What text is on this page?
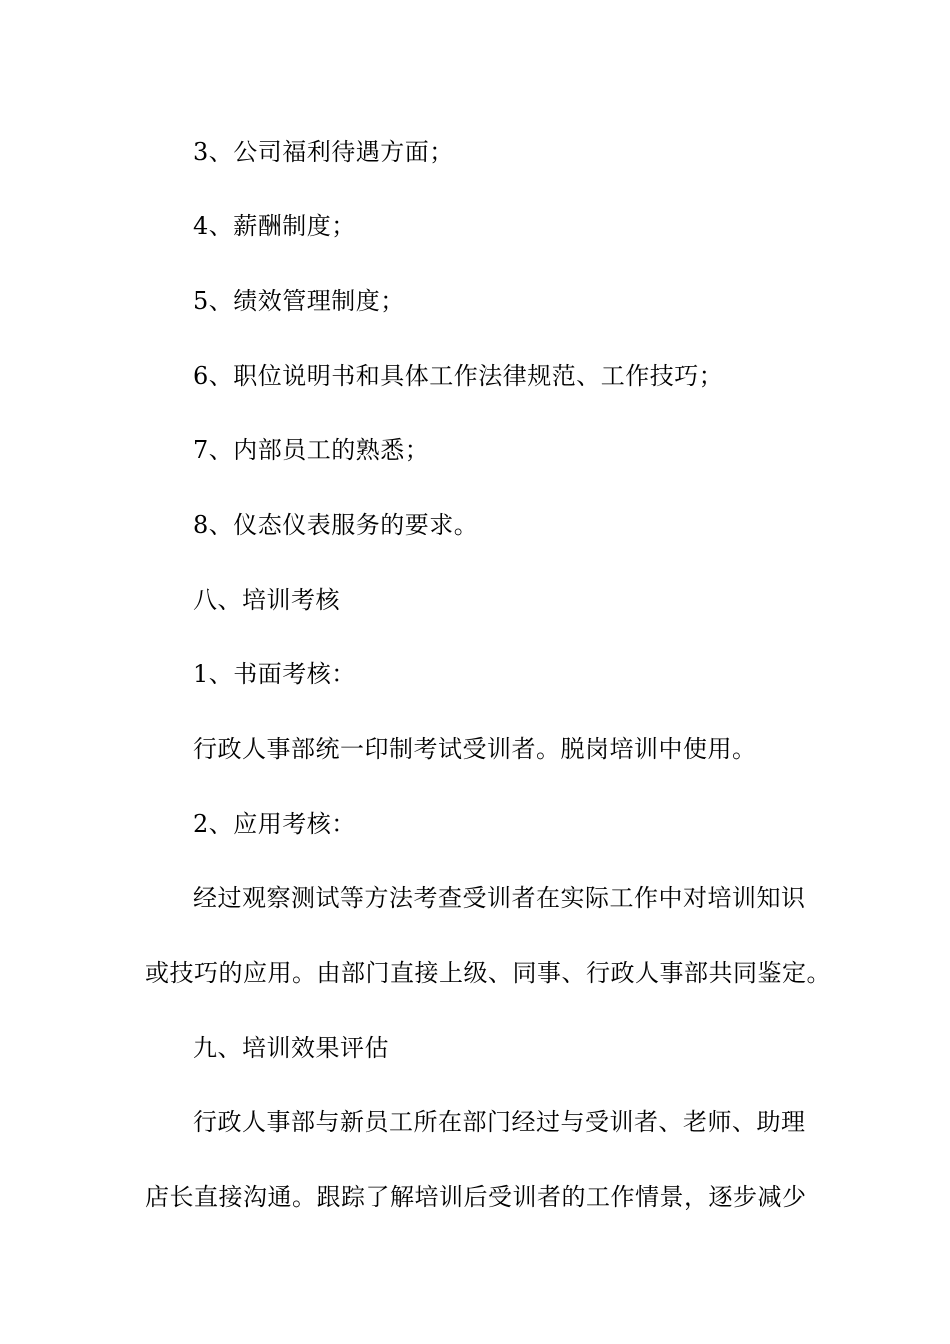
3、公司福利待遇方面；
4、薪酬制度；
5、绩效管理制度；
6、职位说明书和具体工作法律规范、工作技巧；
7、内部员工的熟悉；
8、仪态仪表服务的要求。
八、培训考核
1、书面考核：
行政人事部统一印制考试受训者。脱岗培训中使用。
2、应用考核：
经过观察测试等方法考查受训者在实际工作中对培训知识
或技巧的应用。由部门直接上级、同事、行政人事部共同鉴定。
九、培训效果评估
行政人事部与新员工所在部门经过与受训者、老师、助理
店长直接沟通。跟踪了解培训后受训者的工作情景，逐步减少
